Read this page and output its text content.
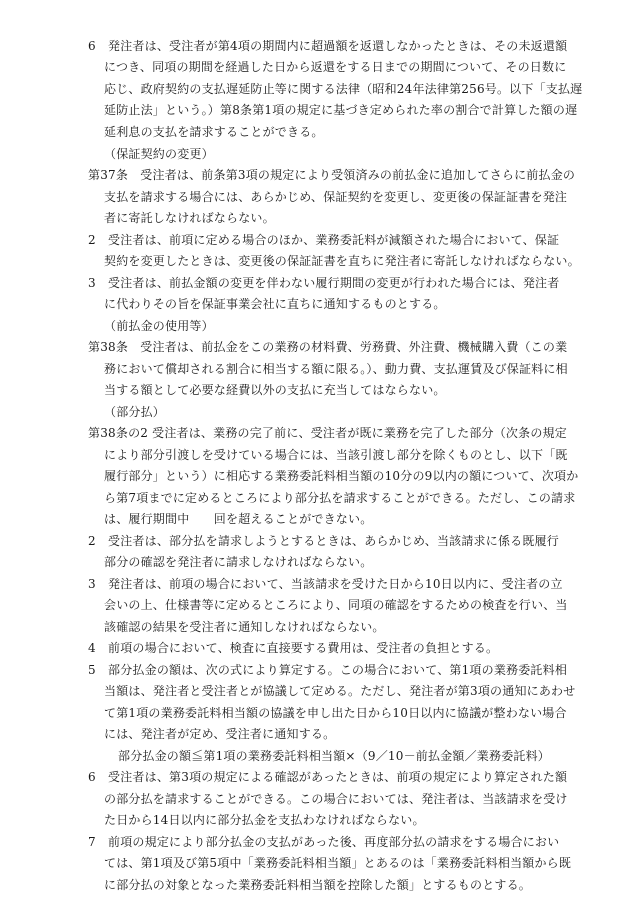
6　発注者は、受注者が第4項の期間内に超過額を返還しなかったときは、その未返還額
につき、同項の期間を経過した日から返還をする日までの期間について、その日数に
応じ、政府契約の支払遅延防止等に関する法律（昭和24年法律第256号。以下「支払遅
延防止法」という。）第8条第1項の規定に基づき定められた率の割合で計算した額の遅
延利息の支払を請求することができる。
（保証契約の変更）
第37条　受注者は、前条第3項の規定により受領済みの前払金に追加してさらに前払金の
支払を請求する場合には、あらかじめ、保証契約を変更し、変更後の保証証書を発注
者に寄託しなければならない。
2　受注者は、前項に定める場合のほか、業務委託料が減額された場合において、保証
契約を変更したときは、変更後の保証証書を直ちに発注者に寄託しなければならない。
3　受注者は、前払金額の変更を伴わない履行期間の変更が行われた場合には、発注者
に代わりその旨を保証事業会社に直ちに通知するものとする。
（前払金の使用等）
第38条　受注者は、前払金をこの業務の材料費、労務費、外注費、機械購入費（この業
務において償却される割合に相当する額に限る。）、動力費、支払運賃及び保証料に相
当する額として必要な経費以外の支払に充当してはならない。
（部分払）
第38条の2 受注者は、業務の完了前に、受注者が既に業務を完了した部分（次条の規定
により部分引渡しを受けている場合には、当該引渡し部分を除くものとし、以下「既
履行部分」という）に相応する業務委託料相当額の10分の9以内の額について、次項か
ら第7項までに定めるところにより部分払を請求することができる。ただし、この請求
は、履行期間中　　回を超えることができない。
2　受注者は、部分払を請求しようとするときは、あらかじめ、当該請求に係る既履行
部分の確認を発注者に請求しなければならない。
3　発注者は、前項の場合において、当該請求を受けた日から10日以内に、受注者の立
会いの上、仕様書等に定めるところにより、同項の確認をするための検査を行い、当
該確認の結果を受注者に通知しなければならない。
4　前項の場合において、検査に直接要する費用は、受注者の負担とする。
5　部分払金の額は、次の式により算定する。この場合において、第1項の業務委託料相
当額は、発注者と受注者とが協議して定める。ただし、発注者が第3項の通知にあわせ
て第1項の業務委託料相当額の協議を申し出た日から10日以内に協議が整わない場合
には、発注者が定め、受注者に通知する。
部分払金の額≦第1項の業務委託料相当額×（9／10－前払金額／業務委託料）
6　受注者は、第3項の規定による確認があったときは、前項の規定により算定された額
の部分払を請求することができる。この場合においては、発注者は、当該請求を受け
た日から14日以内に部分払金を支払わなければならない。
7　前項の規定により部分払金の支払があった後、再度部分払の請求をする場合におい
ては、第1項及び第5項中「業務委託料相当額」とあるのは「業務委託料相当額から既
に部分払の対象となった業務委託料相当額を控除した額」とするものとする。
